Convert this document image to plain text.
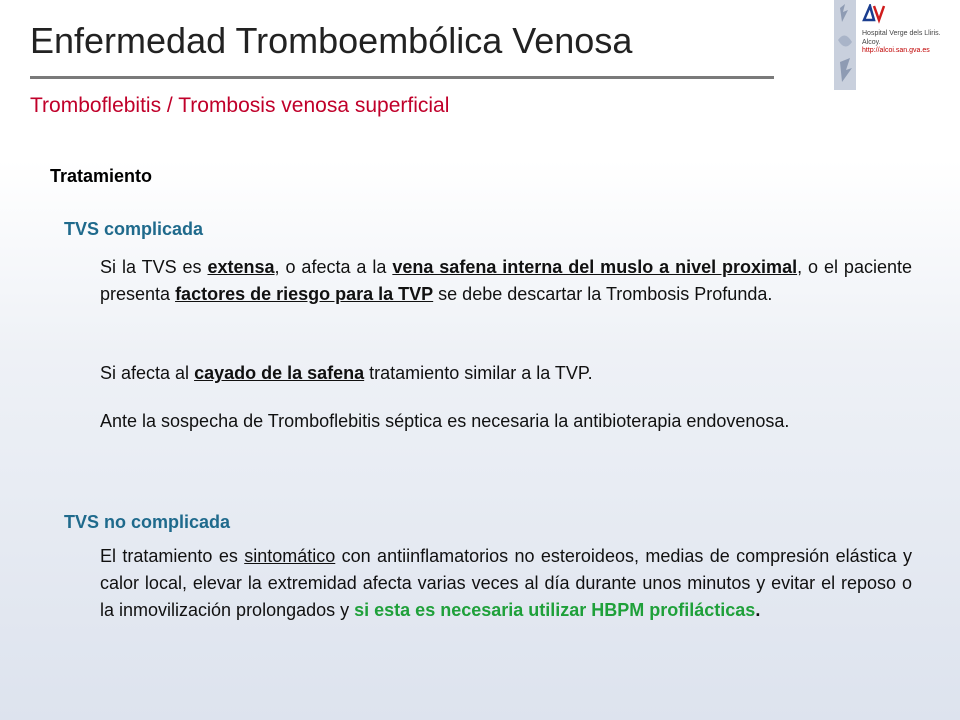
Enfermedad Tromboembólica Venosa
Tromboflebitis / Trombosis venosa superficial
Hospital Verge dels Lliris.
Alcoy.
http://alcoi.san.gva.es
Tratamiento
TVS complicada
Si la TVS es extensa, o afecta a la vena safena interna del muslo a nivel proximal, o el paciente presenta factores de riesgo para la TVP se debe descartar la Trombosis Profunda.
Si afecta al cayado de la safena tratamiento similar a la TVP.
Ante la sospecha de Tromboflebitis séptica es necesaria la antibioterapia endovenosa.
TVS no complicada
El tratamiento es sintomático con antiinflamatorios no esteroideos, medias de compresión elástica y calor local, elevar la extremidad afecta varias veces al día durante unos minutos y evitar el reposo o la inmovilización prolongados y si esta es necesaria utilizar HBPM profilácticas.
